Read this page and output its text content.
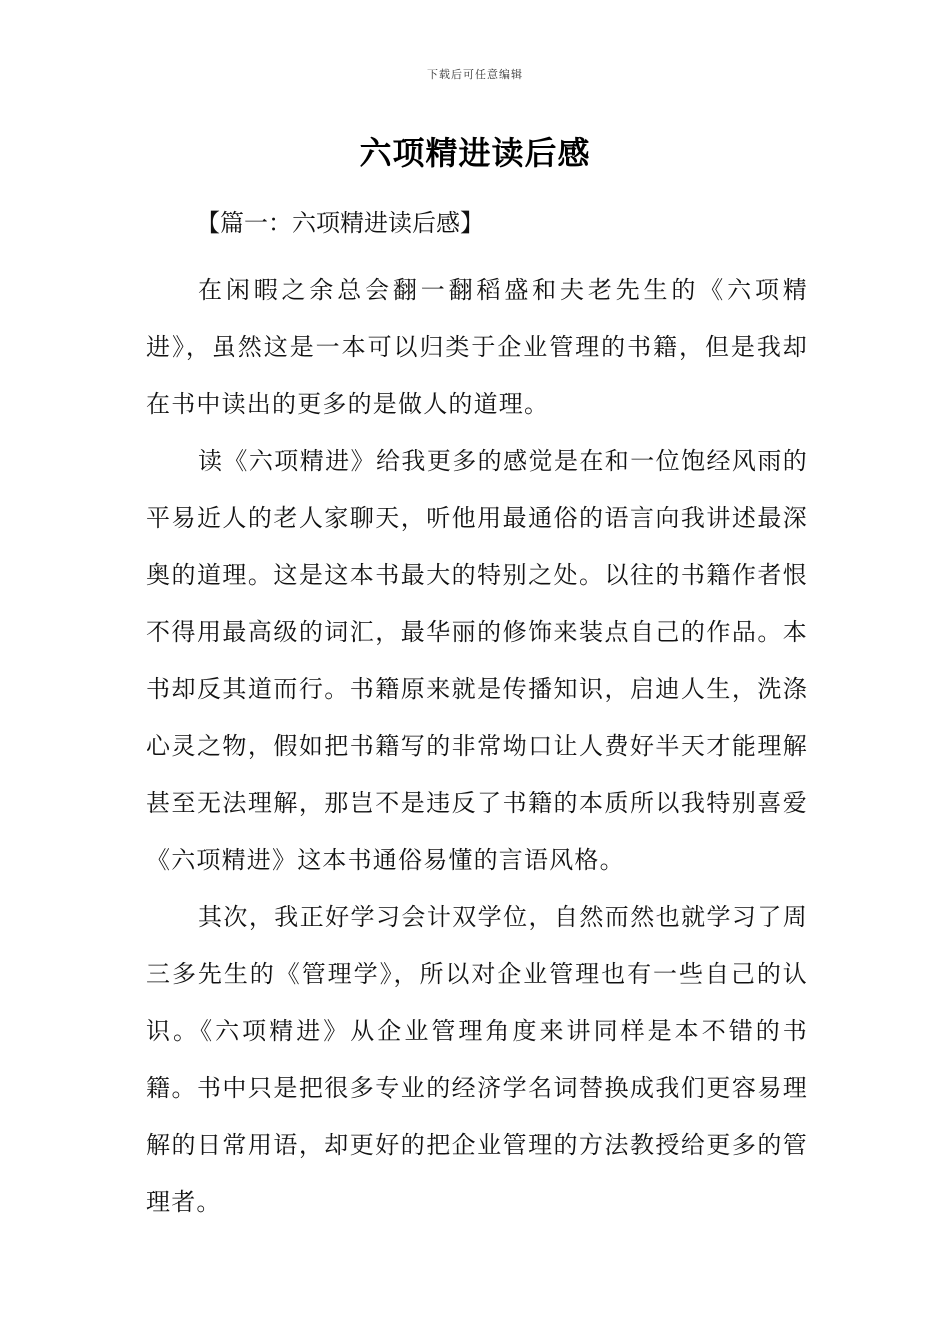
下载后可任意编辑
六项精进读后感
【篇一：六项精进读后感】

在闲暇之余总会翻一翻稻盛和夫老先生的《六项精进》，虽然这是一本可以归类于企业管理的书籍，但是我却在书中读出的更多的是做人的道理。

读《六项精进》给我更多的感觉是在和一位饱经风雨的平易近人的老人家聊天，听他用最通俗的语言向我讲述最深奥的道理。这是这本书最大的特别之处。以往的书籍作者恨不得用最高级的词汇，最华丽的修饰来装点自己的作品。本书却反其道而行。书籍原来就是传播知识，启迪人生，洗涤心灵之物，假如把书籍写的非常坳口让人费好半天才能理解甚至无法理解，那岂不是违反了书籍的本质所以我特别喜爱《六项精进》这本书通俗易懂的言语风格。

其次，我正好学习会计双学位，自然而然也就学习了周三多先生的《管理学》，所以对企业管理也有一些自己的认识。《六项精进》从企业管理角度来讲同样是本不错的书籍。书中只是把很多专业的经济学名词替换成我们更容易理解的日常用语，却更好的把企业管理的方法教授给更多的管理者。
